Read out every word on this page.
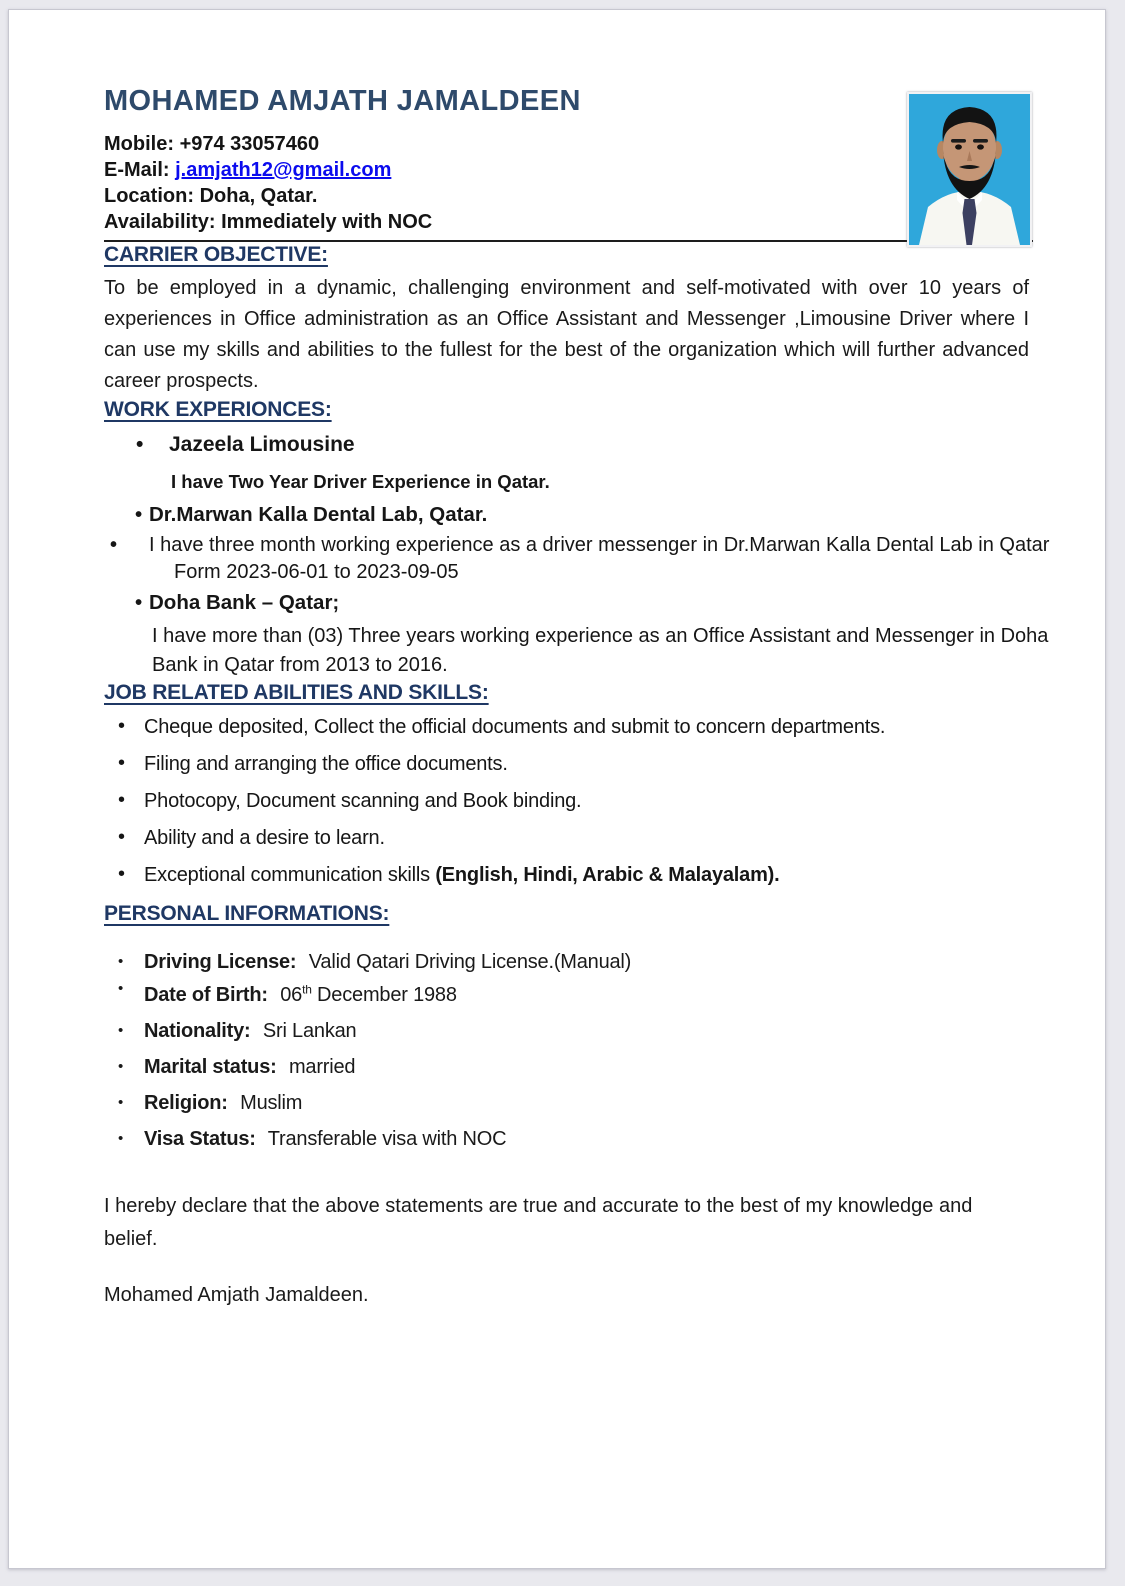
MOHAMED AMJATH JAMALDEEN
Mobile: +974 33057460
E-Mail: j.amjath12@gmail.com
Location: Doha, Qatar.
Availability: Immediately with NOC
CARRIER OBJECTIVE:

To be employed in a dynamic, challenging environment and self-motivated with over 10 years of experiences in Office administration as an Office Assistant and Messenger ,Limousine Driver where I can use my skills and abilities to the fullest for the best of the organization which will further advanced career prospects.

WORK EXPERIONCES:
• Jazeela Limousine
I have Two Year Driver Experience in Qatar.
• Dr.Marwan Kalla Dental Lab, Qatar.
•	I have three month working experience as a driver messenger in Dr.Marwan Kalla Dental Lab in Qatar Form 2023-06-01 to 2023-09-05
• Doha Bank – Qatar;
I have more than (03) Three years working experience as an Office Assistant and Messenger in Doha Bank in Qatar from 2013 to 2016.
JOB RELATED ABILITIES AND SKILLS:
• Cheque deposited, Collect the official documents and submit to concern departments.
• Filing and arranging the office documents.
• Photocopy, Document scanning and Book binding.
• Ability and a desire to learn.
• Exceptional communication skills (English, Hindi, Arabic & Malayalam).
PERSONAL INFORMATIONS:
• Driving License: Valid Qatari Driving License.(Manual)
• Date of Birth: 06th December 1988
• Nationality: Sri Lankan
• Marital status: married
• Religion: Muslim
• Visa Status: Transferable visa with NOC

I hereby declare that the above statements are true and accurate to the best of my knowledge and belief.

Mohamed Amjath Jamaldeen.
